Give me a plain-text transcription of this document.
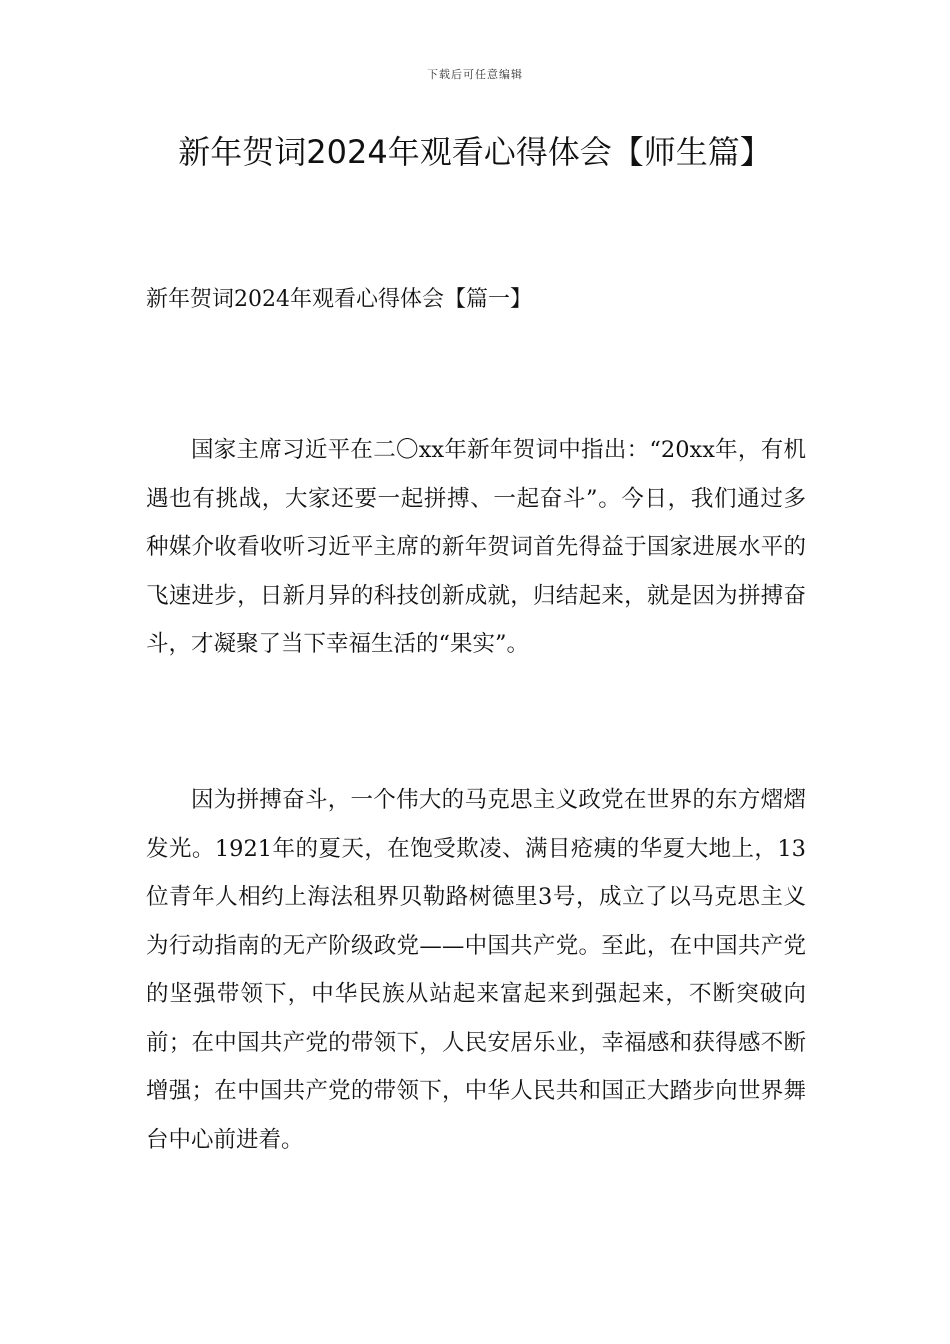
下载后可任意编辑
新年贺词2024年观看心得体会【师生篇】
新年贺词2024年观看心得体会【篇一】

国家主席习近平在二〇xx年新年贺词中指出：“20xx年，有机遇也有挑战，大家还要一起拼搏、一起奋斗”。今日，我们通过多种媒介收看收听习近平主席的新年贺词首先得益于国家进展水平的飞速进步，日新月异的科技创新成就，归结起来，就是因为拼搏奋斗，才凝聚了当下幸福生活的“果实”。

因为拼搏奋斗，一个伟大的马克思主义政党在世界的东方熠熠发光。1921年的夏天，在饱受欺凌、满目疮痍的华夏大地上，13位青年人相约上海法租界贝勒路树德里3号，成立了以马克思主义为行动指南的无产阶级政党——中国共产党。至此，在中国共产党的坚强带领下，中华民族从站起来富起来到强起来，不断突破向前；在中国共产党的带领下，人民安居乐业，幸福感和获得感不断增强；在中国共产党的带领下，中华人民共和国正大踏步向世界舞台中心前进着。
